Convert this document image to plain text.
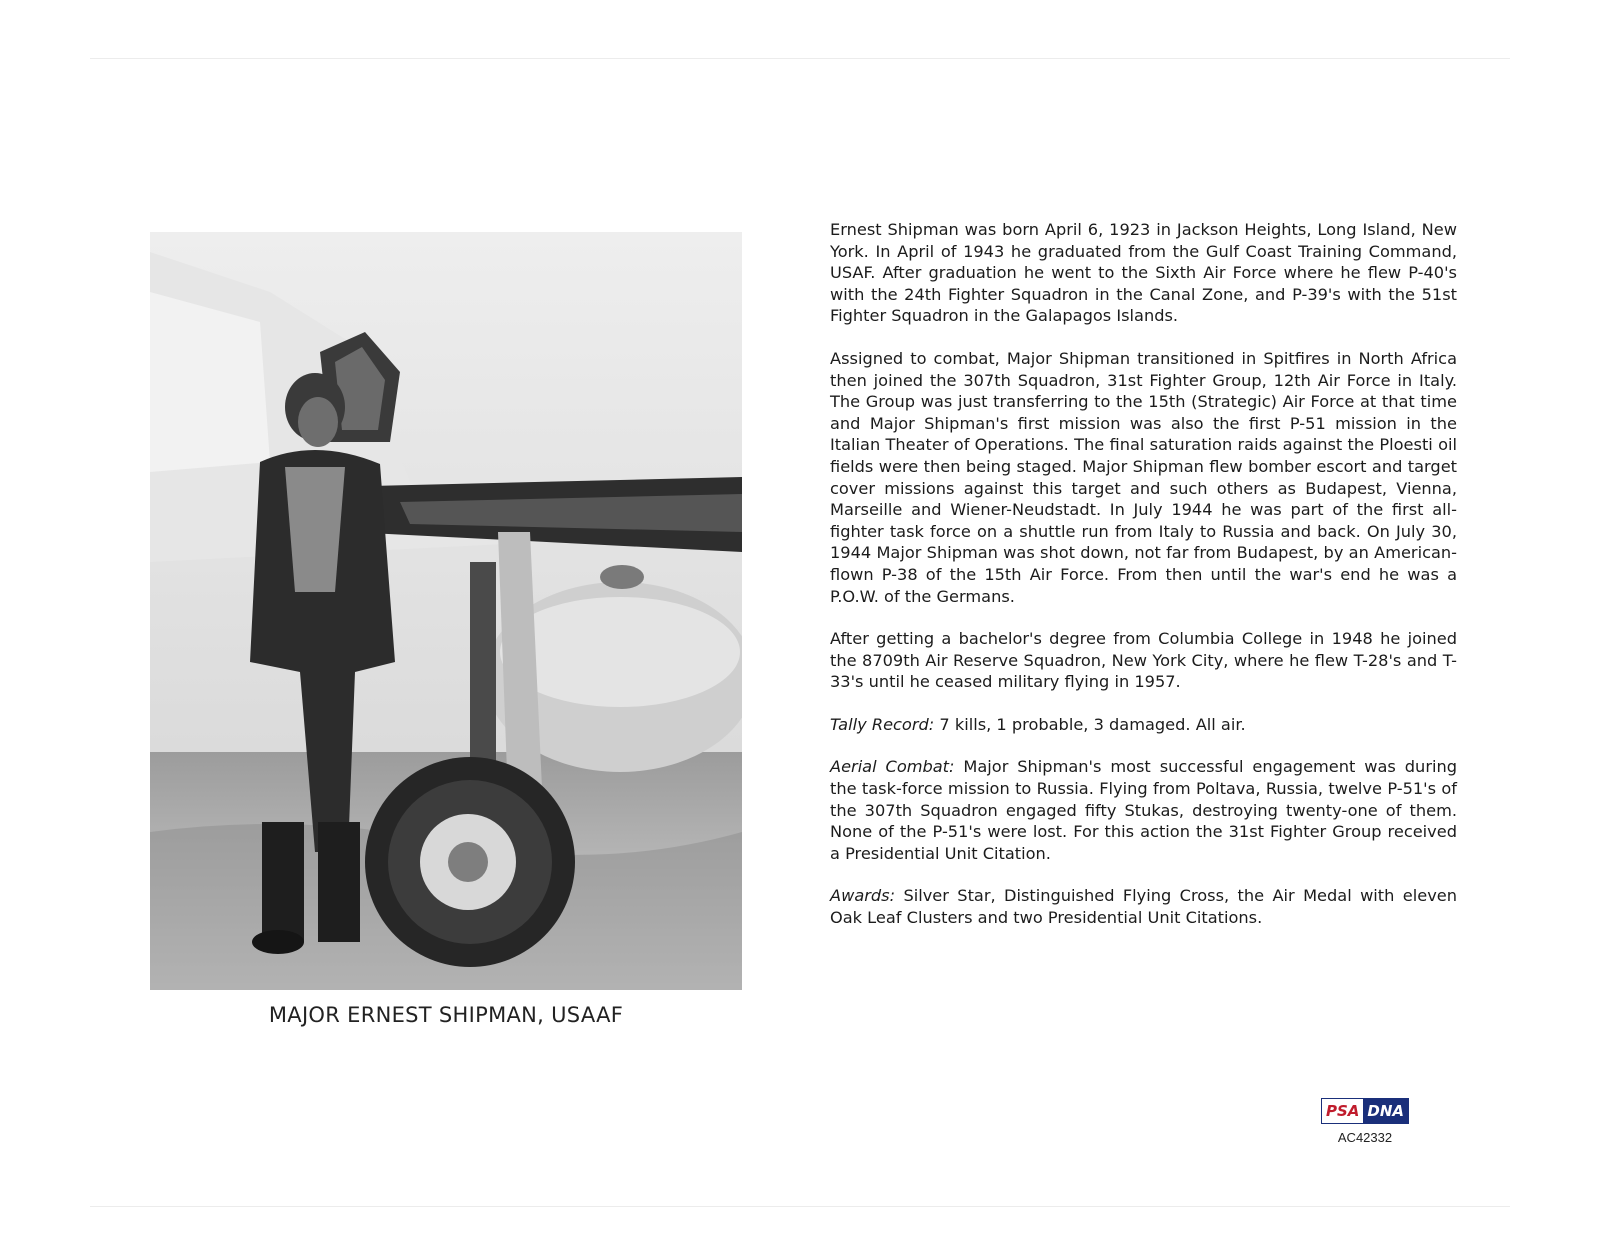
MAJOR ERNEST SHIPMAN, USAAF

Ernest Shipman was born April 6, 1923 in Jackson Heights, Long Island, New York. In April of 1943 he graduated from the Gulf Coast Training Command, USAF. After graduation he went to the Sixth Air Force where he flew P-40's with the 24th Fighter Squadron in the Canal Zone, and P-39's with the 51st Fighter Squadron in the Galapagos Islands.

Assigned to combat, Major Shipman transitioned in Spitfires in North Africa then joined the 307th Squadron, 31st Fighter Group, 12th Air Force in Italy. The Group was just transferring to the 15th (Strategic) Air Force at that time and Major Shipman's first mission was also the first P-51 mission in the Italian Theater of Operations. The final saturation raids against the Ploesti oil fields were then being staged. Major Shipman flew bomber escort and target cover missions against this target and such others as Budapest, Vienna, Marseille and Wiener-Neudstadt. In July 1944 he was part of the first all-fighter task force on a shuttle run from Italy to Russia and back. On July 30, 1944 Major Shipman was shot down, not far from Budapest, by an American-flown P-38 of the 15th Air Force. From then until the war's end he was a P.O.W. of the Germans.

After getting a bachelor's degree from Columbia College in 1948 he joined the 8709th Air Reserve Squadron, New York City, where he flew T-28's and T-33's until he ceased military flying in 1957.

Tally Record: 7 kills, 1 probable, 3 damaged. All air.

Aerial Combat: Major Shipman's most successful engagement was during the task-force mission to Russia. Flying from Poltava, Russia, twelve P-51's of the 307th Squadron engaged fifty Stukas, destroying twenty-one of them. None of the P-51's were lost. For this action the 31st Fighter Group received a Presidential Unit Citation.

Awards: Silver Star, Distinguished Flying Cross, the Air Medal with eleven Oak Leaf Clusters and two Presidential Unit Citations.

PSA DNA
AC42332
